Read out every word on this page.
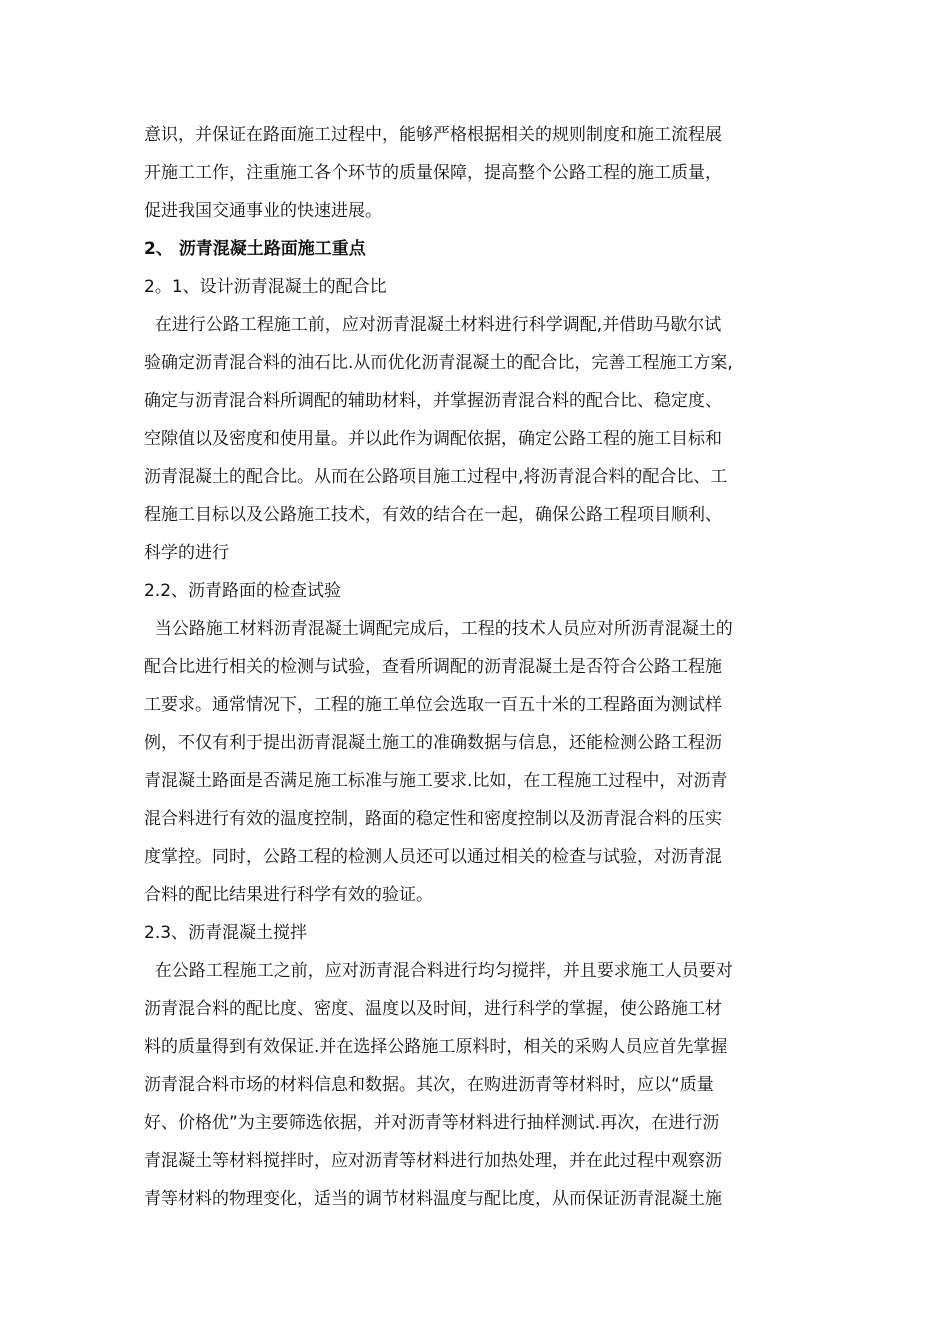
意识，并保证在路面施工过程中，能够严格根据相关的规则制度和施工流程展
开施工工作，注重施工各个环节的质量保障，提高整个公路工程的施工质量，
促进我国交通事业的快速进展。
2、 沥青混凝土路面施工重点
2。1、设计沥青混凝土的配合比
在进行公路工程施工前，应对沥青混凝土材料进行科学调配,并借助马歇尔试
验确定沥青混合料的油石比.从而优化沥青混凝土的配合比，完善工程施工方案,
确定与沥青混合料所调配的辅助材料，并掌握沥青混合料的配合比、稳定度、
空隙值以及密度和使用量。并以此作为调配依据，确定公路工程的施工目标和
沥青混凝土的配合比。从而在公路项目施工过程中,将沥青混合料的配合比、工
程施工目标以及公路施工技术，有效的结合在一起，确保公路工程项目顺利、
科学的进行
2.2、沥青路面的检查试验
当公路施工材料沥青混凝土调配完成后，工程的技术人员应对所沥青混凝土的
配合比进行相关的检测与试验，查看所调配的沥青混凝土是否符合公路工程施
工要求。通常情况下，工程的施工单位会选取一百五十米的工程路面为测试样
例，不仅有利于提出沥青混凝土施工的准确数据与信息，还能检测公路工程沥
青混凝土路面是否满足施工标准与施工要求.比如，在工程施工过程中，对沥青
混合料进行有效的温度控制，路面的稳定性和密度控制以及沥青混合料的压实
度掌控。同时，公路工程的检测人员还可以通过相关的检查与试验，对沥青混
合料的配比结果进行科学有效的验证。
2.3、沥青混凝土搅拌
在公路工程施工之前，应对沥青混合料进行均匀搅拌，并且要求施工人员要对
沥青混合料的配比度、密度、温度以及时间，进行科学的掌握，使公路施工材
料的质量得到有效保证.并在选择公路施工原料时，相关的采购人员应首先掌握
沥青混合料市场的材料信息和数据。其次，在购进沥青等材料时，应以“质量
好、价格优”为主要筛选依据，并对沥青等材料进行抽样测试.再次，在进行沥
青混凝土等材料搅拌时，应对沥青等材料进行加热处理，并在此过程中观察沥
青等材料的物理变化，适当的调节材料温度与配比度，从而保证沥青混凝土施
